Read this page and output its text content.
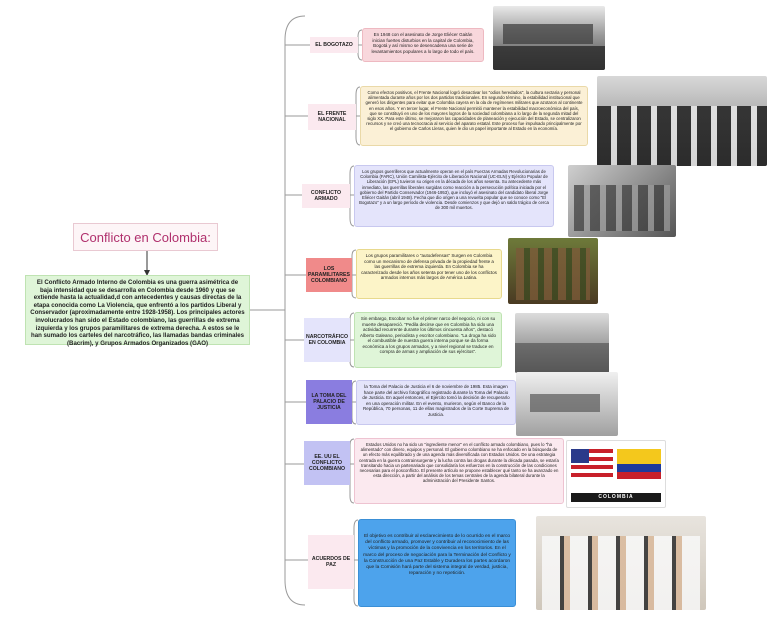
Conflicto en Colombia:
El Conflicto Armado Interno de Colombia es una guerra asimétrica de baja intensidad que se desarrolla en Colombia desde 1960 y que se extiende hasta la actualidad,d con antecedentes y causas directas de la etapa conocida como La Violencia, que enfrentó a los partidos Liberal y Conservador (aproximadamente entre 1928-1958). Los principales actores involucrados han sido el Estado colombiano, las guerrillas de extrema izquierda y los grupos paramilitares de extrema derecha. A estos se le han sumado los carteles del narcotráfico, las llamadas bandas criminales (Bacrim), y Grupos Armados Organizados (GAO)
EL BOGOTAZO
EL FRENTE NACIONAL
CONFLICTO ARMADO
LOS PARAMILITARES COLOMBIANO
NARCOTRÁFICO EN COLOMBIA
LA TOMA DEL PALACIO DE JUSTICIA
EE. UU EL CONFLICTO COLOMBIANO
ACUERDOS DE PAZ
En 1948 con el asesinato de Jorge Eliécer Gaitán inician fuertes disturbios en la capital de Colombia, Bogotá y así mismo se desencadena una serie de levantamientos populares a lo largo de todo el país.
Como efectos positivos, el Frente Nacional logró desactivar los "odios heredados", la cultura sectaria y personal alimentada durante años por los dos partidos tradicionales. En segundo término, la estabilidad institucional que generó los dirigentes para evitar que Colombia cayera en la ola de regímenes militares que azotaron al continente en esos años. Y en tercer lugar, el Frente Nacional permitió mantener la estabilidad macroeconómica del país, que se constituyó en uno de los mayores logros de la sociedad colombiana a lo largo de la segunda mitad del siglo XX. Para este último, se mejoraron las capacidades de planeación y ejecución del Estado, se centralizaron recursos y se creó una tecnocracia al servicio del aparato estatal. Este proceso fue impulsado principalmente por el gobierno de Carlos Lleras, quien le dio un papel importante al Estado en la economía.
Los grupos guerrilleros que actualmente operan en el país Fuerzas Armadas Revolucionarias de Colombia (FARC), Unión Camilista-Ejército de Liberación Nacional (UC-ELN) y Ejército Popular de Liberación (EPL) tuvieron su origen en la década de los años sesenta. Su antecedente más inmediato, las guerrillas liberales surgidas como reacción a la persecución política iniciada por el gobierno del Partido Conservador (1946-1953), que incluyó el asesinato del candidato liberal Jorge Eliécer Gaitán (abril 1948). Fecha que dio origen a una revuelta popular que se conoce como "El Bogotazo" y a un largo período de violencia. Desde comienzos y que dejó un saldo trágico de cerca de 300 mil muertos.
Los grupos paramilitares o "autodefensas" Surgen en Colombia como un mecanismo de defensa privada de la propiedad frente a las guerrillas de extrema izquierda. En Colombia se ha caracterizado desde los años setenta por tener uno de los conflictos armados internos más largos de América Latina.
Sin embargo, Escobar no fue el primer narco del negocio, ni con su muerte desapareció. "Pedila decirse que en Colombia ha sido una actividad recurrente durante los últimos cincuenta años", destacó Alberto Galeano, periodista y escritor colombiano. "La droga ha sido el combustible de nuestra guerra interna porque se da forma económica a los grupos armados, y a nivel regional se traduce en compra de armas y ampliación de sus ejércitos".
la Toma del Palacio de Justicia el 6 de noviembre de 1985. Esta imagen hace parte del archivo fotográfico registrado durante la Toma del Palacio de Justicia. En aquel entonces, el Ejército tomó la decisión de recuperarlo en una operación militar. En el evento, murieron, según el Banco de la República, 70 personas, 11 de ellas magistrados de la Corte Suprema de Justicia.
Estados Unidos no ha sido un "ingrediente menor" en el conflicto armado colombiano, pues lo "ha alimentado" con dinero, equipos y personal. El gobierno colombiano se ha enfocado en la búsqueda de un efecto más equilibrado y de una agenda más diversificada con Estados Unidos. De una estrategia centrada en la guerra contrainsurgente y la lucha contra las drogas durante la década pasada, se estaría transitando hacia un partenariado que consolidaría los esfuerzos en la construcción de las condiciones necesarias para el posconflicto. El presente artículo se propone establecer qué tanto se ha avanzado en esta dirección, a partir del análisis de los temas centrales de la agenda bilateral durante la administración del Presidente Santos.
El objetivo es contribuir al esclarecimiento de lo ocurrido en el marco del conflicto armado, promover y contribuir al reconocimiento de las víctimas y la promoción de la convivencia en los territorios. En el marco del proceso de negociación para la Terminación del Conflicto y la Construcción de una Paz Estable y Duradera los partes acordaron que la Comisión hará parte del sistema integral de verdad, justicia, reparación y no repetición.
COLOMBIA
